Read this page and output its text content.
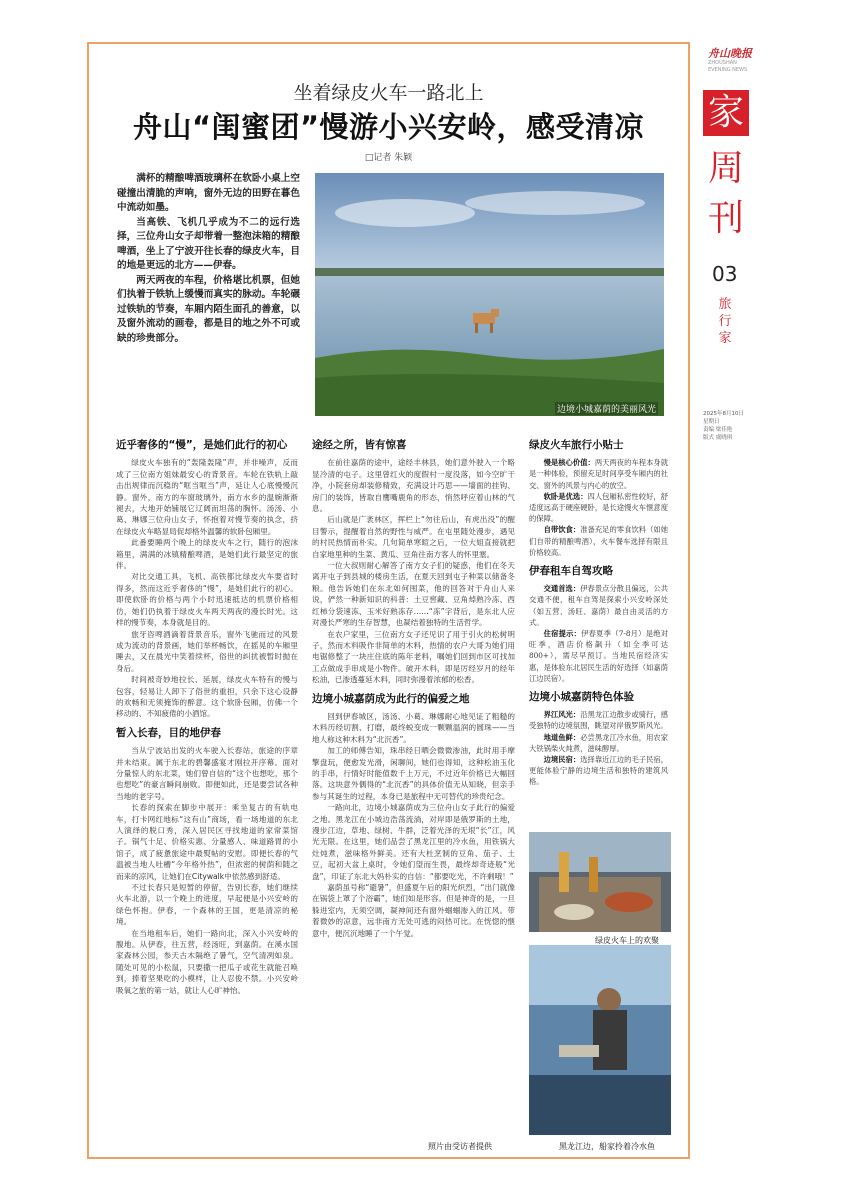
舟山晚报
ZHOUSHAN
EVENING NEWS
家
周
刊
03
旅行家
2025年8月10日
星期日
责编 梁佳艳
版式 虞晓琪
坐着绿皮火车一路北上
舟山“闺蜜团”慢游小兴安岭，感受清凉
□记者 朱颖

满杯的精酿啤酒玻璃杯在软卧小桌上空碰撞出清脆的声响，窗外无边的田野在暮色中流动如墨。

当高铁、飞机几乎成为不二的远行选择，三位舟山女子却带着一整泡沫箱的精酿啤酒，坐上了宁波开往长春的绿皮火车，目的地是更远的北方——伊春。

两天两夜的车程，价格堪比机票，但她们执着于铁轨上缓慢而真实的脉动。车轮碾过铁轨的节奏，车厢内陌生面孔的善意，以及窗外流动的画卷，都是目的地之外不可或缺的珍贵部分。

边境小城嘉荫的美丽风光
近乎奢侈的“慢”，是她们此行的初心

绿皮火车独有的“轰隆轰隆”声，并非噪声，反而成了三位南方姐妹最安心的背景音。车轮在铁轨上敲击出规律而沉稳的“哐当哐当”声，延让人心底慢慢沉静。窗外，南方的车窗玻璃外，南方水乡的温婉渐渐褪去，大地开始铺展它辽阔而坦荡的胸怀。汤汤、小葛、琳娜三位舟山女子，怀抱着对慢节奏的执念，挤在绿皮火车略显局促却格外温馨的软卧包厢里。

此番要睡两个晚上的绿皮火车之行，随行的泡沫箱里，满满的冰镇精酿啤酒，是她们此行最坚定的旅伴。

对比交通工具，飞机、高铁都比绿皮火车要省时得多，然而这近乎奢侈的“慢”，是她们此行的初心。即使软卧的价格与两个小时迅速抵达的机票价格相仿，她们仍执着于绿皮火车两天两夜的漫长时光。这样的慢节奏，本身就是目的。

旅牙咨啤酒滴着背景音乐，窗外飞驰而过的风景成为流动的背景画，她们举杯畅饮，在摇晃的车厢里睡去，又在晨光中笑着续杯，俗世的纠扰被暂时抛在身后。

时间被奇妙地拉长、延展，绿皮火车特有的慢与包容，轻易让人卸下了俗世的重担，只余下这心设静的欢畅和无须掩饰的醉意。这个软卧包厢，仿佛一个移动的、不知疲倦的小酒馆。

暂入长春，目的地伊春

当从宁波站出发的火车驶入长春站，旅途的序章并未结束。属于东北的碧馨盛宴才刚拉开序幕。面对分量惊人的东北菜，她们曾自信的“这个也想吃，那个也想吃”的豪言瞬间崩败。即便如此，还是要尝试各种当地的老字号。

长春的探索在脚步中展开：乘坐复古的有轨电车，打卡网红地标“这有山”商场，看一场地道的东北人演绎的脱口秀，深入居民区寻找地道的家常菜馆子。锅气十足、价格实惠、分量感人、味道路胃的小馆子，成了疲惫旅途中最熨帖的安慰。即便长春的气温被当地人吐槽“今年格外热”，但浓密的树荫和随之而来的凉风，让她们在Citywalk中依然感到舒适。

不过长春只是短暂的停留，告别长春，她们继续火车北游，以一个晚上的进度，早起便是小兴安岭的绿色怀抱。伊春，一个森林的王国，更是清凉的秘境。

在当地租车后，她们一路向北，深入小兴安岭的腹地。从伊春，往五营，经汤旺，到嘉荫。在溪水国家森林公园，参天古木隔绝了暑气，空气清冽如泉。随处可见的小松鼠，只要撒一把瓜子或花生就能召唤到，捧着坚果吃的小模样，让人忍俊不禁。小兴安岭吸氧之旅的第一站，就让人心旷神怡。

途经之所，皆有惊喜

在前往嘉荫的途中，途经丰林县，她们意外驶入一个略显冷清的屯子。这里曾红火的度假村一度没落，如今空旷干净，小院套房却装修精致，充满设计巧思——墙面的挂钩、房门的装饰，皆取自鹰嘴鹿角的形态，悄然呼应着山林的气息。

后山就是广袤林区，挥栏上“勿往后山，有虎出没”的醒目警示，提醒着自然的野性与威严。在屯里随处漫步，遇见的村民热情而朴实。几句简单寒暄之后，一位大姐直接就把自家地里种的生菜、黄瓜、豆角往南方客人的怀里塞。

一位大叔则耐心解答了南方女子们的疑惑，他们在冬天离开屯子到县城的楼房生活，在夏天回到屯子种菜以储备冬粮。他告诉她们在东北如何囤菜，他的回答对于舟山人来说，俨然一种新知识的科普：土豆窖藏、豆角焯熟冷冻、西红柿分袋速冻、玉米好熟冻存……“冻”字背后，是东北人应对漫长严寒的生存智慧，也凝结着独特的生活哲学。

在农户家里，三位南方女子还见识了用于引火的松树明子，然而木料吸作非简单的木料，热情的农户大哥为她们用电锯修整了一块庄住底的陈年老料，嘱她们回到市区可找加工点做成手串成是小物件。破开木料，即是厉经岁月的经年松油，已渗透蔓延木料，同时弥漫着浓郁的松香。

边境小城嘉荫成为此行的偏爱之地

回到伊春城区，汤汤、小葛、琳娜耐心地见证了粗糙的木料历经切割、打磨，最终蜕变成一颗颗温润的圆珠——当地人称这种木料为“北沉香”。

加工的师傅告知，珠串经日晒会微微渗油，此时用手摩擎盘玩，便愈发光滑，闲聊间，她们也得知，这种松油玉化的手串，行情好时能值数千上万元，不过近年价格已大幅回落。这块意外偶得的“北沉香”的具体价值无从知晓，但亲手参与其诞生的过程，本身已是旅程中无可替代的珍贵纪念。

一路向北，边境小城嘉荫成为三位舟山女子此行的偏爱之地。黑龙江在小城边浩荡流淌，对岸即是俄罗斯的土地，漫步江边，草地、绿树、牛群，泛着光泽的无垠“长”江，风光无限。在这里，她们品尝了黑龙江里的冷水鱼，用铁锅大灶炖煮，滋味格外鲜美。还有大杜烹制的豆角、茄子、土豆，起初大盆上桌时，令她们望而生畏，最终却奇迹般“光盘”，印证了东北大妈朴实的自信：“都要吃光，不许剩哦！”

嘉荫虽号称“避暑”，但盛夏午后的阳光炽烈，“出门就像在锅袋上罩了个浴霸”，她们如是形容。但是神奇的是，一旦躲进室内，无须空调，凝神间还有窗外蝈蝈渗入的江风。带着微妙的凉意，远非南方无处可逃的闷热可比。在恍惚的惬意中，便沉沉地睡了一个午觉。

绿皮火车旅行小贴士

慢是核心价值：两天两夜的车程本身就是一种体验，预留充足时间享受车厢内的社交、窗外的风景与内心的放空。

软卧是优选：四人包厢私密性较好，舒适度远高于硬座硬卧，是长途慢火车惬意度的保障。

自带饮食：准备充足的零食饮料（如她们自带的精酿啤酒），火车餐车选择有限且价格较高。

伊春租车自驾攻略

交通首选：伊春景点分散且偏远，公共交通不便，租车自驾是探索小兴安岭深处（如五营、汤旺、嘉荫）最自由灵活的方式。

住宿提示：伊春夏季（7-8月）是绝对旺季，酒店价格飙升（如全季可达800+），需尽早预订。当地民宿经济实惠，是体验东北居民生活的好选择（如嘉荫江边民宿）。

边境小城嘉荫特色体验

界江风光：沿黑龙江边散步或骑行，感受独特的边境氛围，眺望对岸俄罗斯风光。

地道鱼鲜：必尝黑龙江冷水鱼，用农家大铁锅柴火炖煮，滋味醇厚。

边境民宿：选择靠近江边的毛子民宿，更能体验宁静的边境生活和独特的建筑风格。

绿皮火车上的欢聚
黑龙江边，船家拎着冷水鱼
照片由受访者提供
